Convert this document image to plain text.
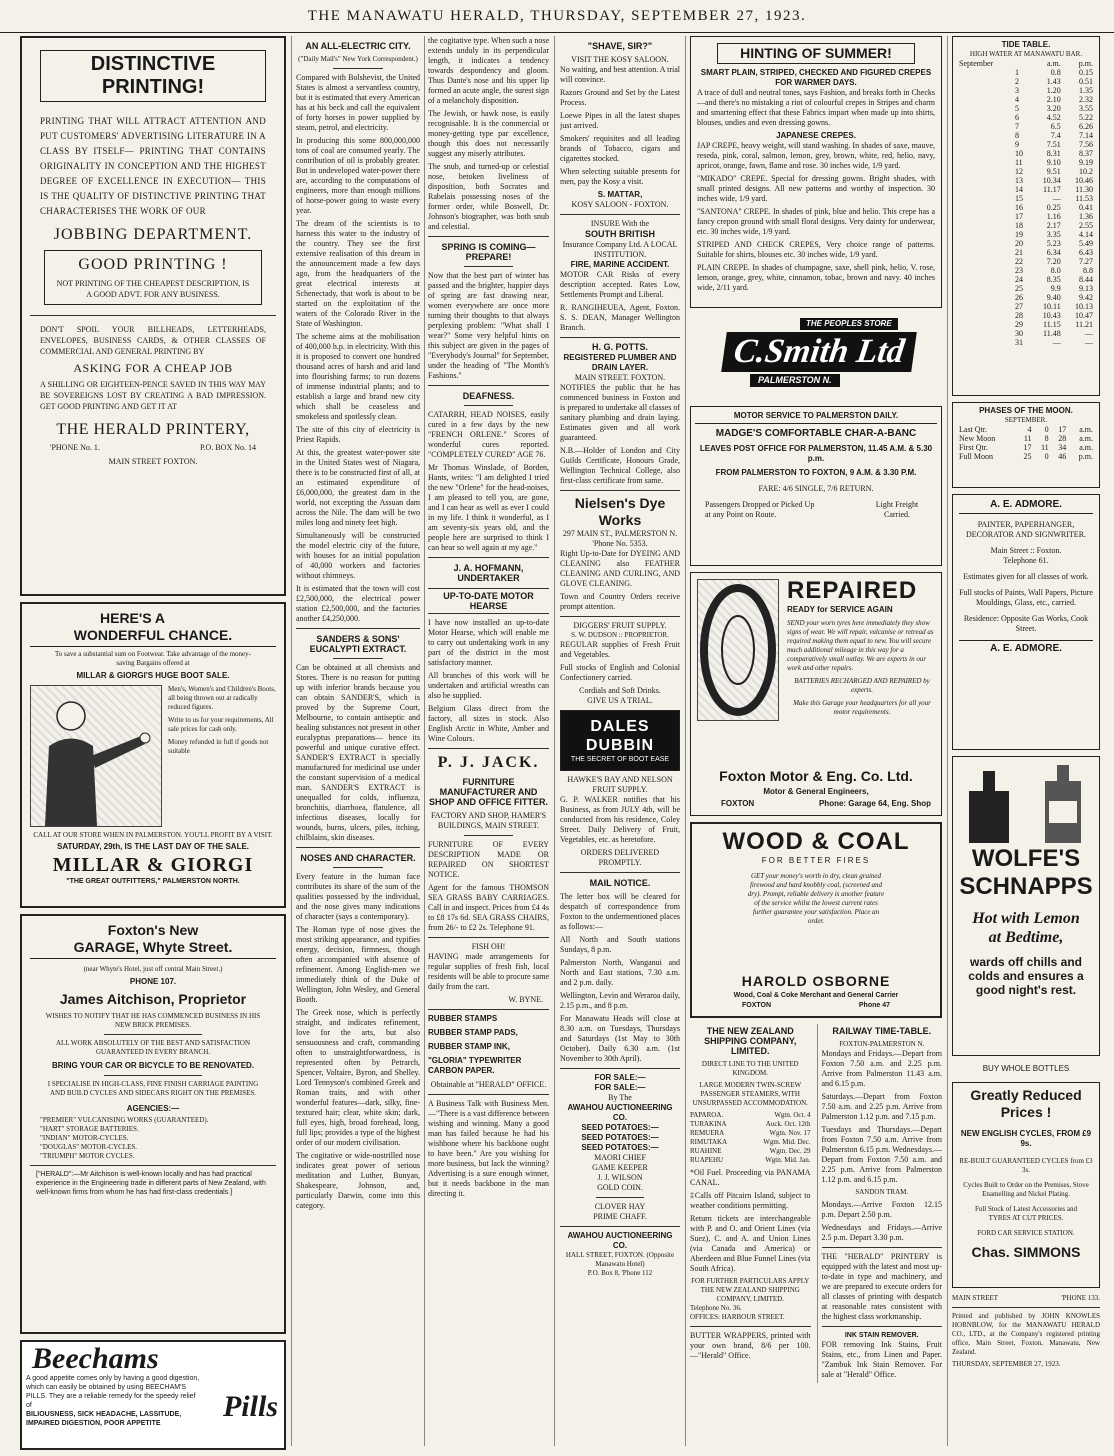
THE MANAWATU HERALD, THURSDAY, SEPTEMBER 27, 1923.
DISTINCTIVE PRINTING!
PRINTING THAT WILL ATTRACT ATTENTION AND PUT CUSTOMERS' ADVERTISING LITERATURE IN A CLASS BY ITSELF— PRINTING THAT CONTAINS ORIGINALITY IN CONCEPTION AND THE HIGHEST DEGREE OF EXCELLENCE IN EXECUTION— THIS IS THE QUALITY OF DISTINCTIVE PRINTING THAT CHARACTERISES THE WORK OF OUR
JOBBING DEPARTMENT.
GOOD PRINTING !
NOT PRINTING OF THE CHEAPEST DESCRIPTION, IS A GOOD ADVT. FOR ANY BUSINESS.
DON'T SPOIL YOUR BILLHEADS, LETTERHEADS, ENVELOPES, BUSINESS CARDS, & OTHER CLASSES OF COMMERCIAL AND GENERAL PRINTING BY
ASKING FOR A CHEAP JOB
A SHILLING OR EIGHTEEN-PENCE SAVED IN THIS WAY MAY BE SOVEREIGNS LOST BY CREATING A BAD IMPRESSION. GET GOOD PRINTING AND GET IT AT
THE HERALD PRINTERY,
'PHONE No. 1.	P.O. BOX No. 14
MAIN STREET FOXTON.
HERE'S A
WONDERFUL CHANCE.
To save a substantial sum on Footwear. Take advantage of the money-saving Bargains offered at
MILLAR & GIORGI'S HUGE BOOT SALE.
Men's, Women's and Children's Boots, all being thrown out at radically reduced figures.
Write to us for your requirements, All sale prices for cash only.
Money refunded in full if goods not suitable
CALL AT OUR STORE WHEN IN PALMERSTON. YOU'LL PROFIT BY A VISIT.
SATURDAY, 29th, IS THE LAST DAY OF THE SALE.
MILLAR & GIORGI
"THE GREAT OUTFITTERS," PALMERSTON NORTH.
Foxton's New
GARAGE, Whyte Street.
(near Whyte's Hotel, just off central Main Street.)
PHONE 107.
James Aitchison, Proprietor
WISHES TO NOTIFY THAT HE HAS COMMENCED BUSINESS IN HIS NEW BRICK PREMISES.
ALL WORK ABSOLUTELY OF THE BEST AND SATISFACTION GUARANTEED IN EVERY BRANCH.
BRING YOUR CAR OR BICYCLE TO BE RENOVATED.
I SPECIALISE IN HIGH-CLASS, FINE FINISH CARRIAGE PAINTING AND BUILD CYCLES AND SIDECARS RIGHT ON THE PREMISES.
AGENCIES:—
"PREMIER" VULCANISING WORKS (GUARANTEED).
"HART" STORAGE BATTERIES.
"INDIAN" MOTOR-CYCLES.
"DOUGLAS" MOTOR-CYCLES.
"TRIUMPH" MOTOR CYCLES.
["HERALD":—Mr Aitchison is well-known locally and has had practical experience in the Engineering trade in different parts of New Zealand, with well-known firms from whom he has had first-class credentials.]
Beechams
A good appetite comes only by having a good digestion, which can easily be obtained by using BEECHAM'S PILLS. They are a reliable remedy for the speedy relief of
BILIOUSNESS, SICK HEADACHE, LASSITUDE, IMPAIRED DIGESTION, POOR APPETITE
Pills
AN ALL-ELECTRIC CITY.
("Daily Mail's" New York Correspondent.)

Compared with Bolshevist, the United States is almost a servantless country, but it is estimated that every American has at his beck and call the equivalent of forty horses in power supplied by steam, petrol, and electricity.

In producing this some 800,000,000 tons of coal are consumed yearly. The contribution of oil is probably greater. But in undeveloped water-power there are, according to the computations of engineers, more than enough millions of horse-power going to waste every year.

The dream of the scientists is to harness this water to the industry of the country. They see the first extensive realisation of this dream in the announcement made a few days ago, from the headquarters of the great electrical interests at Schenectady, that work is about to be started on the exploitation of the waters of the Colorado River in the State of Washington.

The scheme aims at the mobilisation of 400,000 h.p. in electricity. With this it is proposed to convert one hundred thousand acres of harsh and arid land into flourishing farms; to run dozens of immense industrial plants; and to establish a large and brand new city which shall be ceaseless and smokeless and spotlessly clean.

The site of this city of electricity is Priest Rapids.

At this, the greatest water-power site in the United States west of Niagara, there is to be constructed first of all, at an estimated expenditure of £6,000,000, the greatest dam in the world, not excepting the Assuan dam across the Nile. The dam will be two miles long and ninety feet high.

Simultaneously will be constructed the model electric city of the future, with houses for an initial population of 40,000 workers and factories without chimneys.

It is estimated that the town will cost £2,500,000, the electrical power station £2,500,000, and the factories another £4,250,000.

SANDERS & SONS' EUCALYPTI EXTRACT.

Can be obtained at all chemists and Stores. There is no reason for putting up with inferior brands because you can obtain SANDER'S, which is proved by the Supreme Court, Melbourne, to contain antiseptic and healing substances not present in other eucalyptus preparations— hence its powerful and unique curative effect. SANDER'S EXTRACT is specially manufactured for medicinal use under the constant supervision of a medical man. SANDER'S EXTRACT is unequalled for colds, influenza, bronchitis, diarrhoea, flatulence, all infectious diseases, locally for wounds, burns, ulcers, piles, itching, chilblains, skin diseases.

NOSES AND CHARACTER.

Every feature in the human face contributes its share of the sum of the qualities possessed by the individual, and the nose gives many indications of character (says a contemporary).

The Roman type of nose gives the most striking appearance, and typifies energy, decision, firmness, though often accompanied with absence of refinement. Among English-men we immediately think of the Duke of Wellington, John Wesley, and General Booth.

The Greek nose, which is perfectly straight, and indicates refinement, love for the arts, but also sensuousness and craft, commanding often to unstraightforwardness, is represented often by Petrarch, Spencer, Voltaire, Byron, and Shelley. Lord Tennyson's combined Greek and Roman traits, and with other wonderful features—dark, silky, fine-textured hair; clear, white skin; dark, full eyes, high, broad forehead, long, full lips; provides a type of the highest order of our modern civilisation.

The cogitative or wide-nostrilled nose indicates great power of serious meditation and Luther, Bunyan, Shakespeare, Johnson, and, particularly Darwin, come into this category.

the cogitative type. When such a nose extends unduly in its perpendicular length, it indicates a tendency towards despondency and gloom. Thus Dante's nose and his upper lip formed an acute angle, the surest sign of a melancholy disposition.

The Jewish, or hawk nose, is easily recognisable. It is the commercial or money-getting type par excellence, though this does not necessarily suggest any miserly attributes.

The snub, and turned-up or celestial nose, betoken liveliness of disposition, both Socrates and Rabelais possessing noses of the former order, while Boswell, Dr. Johnson's biographer, was both snub and celestial.

SPRING IS COMING— PREPARE!

Now that the best part of winter has passed and the brighter, happier days of spring are fast drawing near, women everywhere are once more turning their thoughts to that always perplexing problem: "What shall I wear?" Some very helpful hints on this subject are given in the pages of "Everybody's Journal" for September, under the heading of "The Month's Fashions."

DEAFNESS.

CATARRH, HEAD NOISES, easily cured in a few days by the new "FRENCH ORLENE." Scores of wonderful cures reported. "COMPLETELY CURED" AGE 76.

Mr Thomas Winslade, of Borden, Hants, writes: "I am delighted I tried the new "Orlene" for the head-noises, I am pleased to tell you, are gone, and I can hear as well as ever I could in my life. I think it wonderful, as I am seventy-six years old, and the people here are surprised to think I can hear so well again at my age."

J. A. HOFMANN, UNDERTAKER
UP-TO-DATE MOTOR HEARSE

I have now installed an up-to-date Motor Hearse, which will enable me to carry out undertaking work in any part of the district in the most satisfactory manner.

All branches of this work will be undertaken and artificial wreaths can also be supplied.

Belgium Glass direct from the factory, all sizes in stock. Also English Arctic in White, Amber and Wine Colours.

P. J. JACK.
FURNITURE MANUFACTURER AND SHOP AND OFFICE FITTER.
FACTORY AND SHOP, HAMER'S BUILDINGS, MAIN STREET.

FURNITURE OF EVERY DESCRIPTION MADE OR REPAIRED ON SHORTEST NOTICE.

Agent for the famous THOMSON SEA GRASS BABY CARRIAGES. Call in and inspect. Prices from £4 4s to £8 17s 6d. SEA GRASS CHAIRS, from 26/- to £2 2s. Telephone 91.

FISH OH!

HAVING made arrangements for regular supplies of fresh fish, local residents will be able to procure same daily from the cart.

W. BYNE.
RUBBER STAMPS
RUBBER STAMP PADS,
RUBBER STAMP INK,
"GLORIA" TYPEWRITER CARBON PAPER.
Obtainable at "HERALD" OFFICE.

A Business Talk with Business Men.—"There is a vast difference between wishing and winning. Many a good man has failed because he had his wishbone where his backbone ought to have been." Are you wishing for more business, but lack the winning? Advertising is a sure enough winner, but it needs backbone in the man directing it.

"SHAVE, SIR?"
VISIT THE KOSY SALOON.

No waiting, and best attention. A trial will convince.

Razors Ground and Set by the Latest Process.

Loewe Pipes in all the latest shapes just arrived.

Smokers' requisites and all leading brands of Tobacco, cigars and cigarettes stocked.

When selecting suitable presents for men, pay the Kosy a visit.

S. MATTAR,
KOSY SALOON - FOXTON.
INSURE With the
SOUTH BRITISH
Insurance Company Ltd. A LOCAL INSTITUTION.
FIRE, MARINE ACCIDENT.

MOTOR CAR Risks of every description accepted. Rates Low, Settlements Prompt and Liberal.

R. RANGIHEUEA, Agent, Foxton. S. S. DEAN, Manager Wellington Branch.

H. G. POTTS.
REGISTERED PLUMBER AND DRAIN LAYER.
MAIN STREET. FOXTON.

NOTIFIES the public that he has commenced business in Foxton and is prepared to undertake all classes of sanitary plumbing and drain laying. Estimates given and all work guaranteed.

N.B.—Holder of London and City Guilds Certificate, Honours Grade, Wellington Technical College, also first-class certificate from same.

Nielsen's Dye Works
297 MAIN ST., PALMERSTON N. 'Phone No. 5353.

Right Up-to-Date for DYEING AND CLEANING also FEATHER CLEANING AND CURLING, AND GLOVE CLEANING.

Town and Country Orders receive prompt attention.

DIGGERS' FRUIT SUPPLY.
S. W. DUDSON :: PROPRIETOR.

REGULAR supplies of Fresh Fruit and Vegetables.

Full stocks of English and Colonial Confectionery carried.

Cordials and Soft Drinks.
GIVE US A TRIAL.
DALES DUBBIN
THE SECRET OF BOOT EASE
HAWKE'S BAY AND NELSON FRUIT SUPPLY.

G. P. WALKER notifies that his Business, as from JULY 4th, will be conducted from his residence, Coley Street. Daily Delivery of Fruit, Vegetables, etc. as heretofore.

ORDERS DELIVERED PROMPTLY.
MAIL NOTICE.

The letter box will be cleared for despatch of correspondence from Foxton to the undermentioned places as follows:—

All North and South stations Sundays, 8 p.m.

Palmerston North, Wanganui and North and East stations, 7.30 a.m. and 2 p.m. daily.

Wellington, Levin and Weraroa daily, 2.15 p.m., and 8 p.m.

For Manawatu Heads will close at 8.30 a.m. on Tuesdays, Thursdays and Saturdays (1st May to 30th October). Daily 6.30 a.m. (1st November to 30th April).

FOR SALE:—
FOR SALE:—
By The
AWAHOU AUCTIONEERING CO.
SEED POTATOES:—
SEED POTATOES:—
SEED POTATOES:—
MAORI CHIEF
GAME KEEPER
J. J. WILSON
GOLD COIN.
CLOVER HAY
PRIME CHAFF.
AWAHOU AUCTIONEERING CO.
HALL STREET, FOXTON. (Opposite Manawatu Hotel)
P.O. Box 8, 'Phone 112
HINTING OF SUMMER!
SMART PLAIN, STRIPED, CHECKED AND FIGURED CREPES FOR WARMER DAYS.

A trace of dull and neutral tones, says Fashion, and breaks forth in Checks—and there's no mistaking a riot of colourful crepes in Stripes and charm and smartening effect that these Fabrics impart when made up into shirts, blouses, undies and even dressing gowns.

JAPANESE CREPES.

JAP CREPE, heavy weight, will stand washing. In shades of saxe, mauve, reseda, pink, coral, salmon, lemon, grey, brown, white, red, helio, navy, apricot, orange, fawn, flame and rose. 30 inches wide, 1/9 yard.

"MIKADO" CREPE. Special for dressing gowns. Bright shades, with small printed designs. All new patterns and worthy of inspection. 30 inches wide, 1/9 yard.

"SANTONA" CREPE. In shades of pink, blue and helio. This crepe has a fancy crepon ground with small floral designs. Very dainty for underwear, etc. 30 inches wide, 1/9 yard.

STRIPED AND CHECK CREPES, Very choice range of patterns. Suitable for shirts, blouses etc. 30 inches wide, 1/9 yard.

PLAIN CREPE. In shades of champagne, saxe, shell pink, helio, V. rose, lemon, orange, grey, white, cinnamon, tobac, brown and navy. 40 inches wide, 2/11 yard.

THE PEOPLES STORE
C.Smith Ltd
PALMERSTON N.
MOTOR SERVICE TO PALMERSTON DAILY.
MADGE'S COMFORTABLE CHAR-A-BANC
LEAVES POST OFFICE FOR PALMERSTON, 11.45 A.M. & 5.30 p.m.
FROM PALMERSTON TO FOXTON, 9 A.M. & 3.30 P.M.
FARE: 4/6 SINGLE, 7/6 RETURN.
Passengers Dropped or Picked Up at any Point on Route.
Light Freight Carried.
REPAIRED
READY for SERVICE AGAIN
SEND your worn tyres here immediately they show signs of wear. We will repair, vulcanise or retread as required making them equal to new. You will secure much additional mileage in this way for a comparatively small outlay. We are experts in our work and other repairs.
BATTERIES RECHARGED AND REPAIRED by experts.
Make this Garage your headquarters for all your motor requirements.
Foxton Motor & Eng. Co. Ltd.
Motor & General Engineers,
FOXTON	Phone: Garage 64, Eng. Shop
WOOD & COAL
FOR BETTER FIRES
GET your money's worth in dry, clean grained firewood and hard knobbly coal, (screened and dry). Prompt, reliable delivery is another feature of the service whilst the lowest current rates further guarantee your satisfaction. Place an order.
HAROLD OSBORNE
Wood, Coal & Coke Merchant and General Carrier
FOXTON	Phone 47
THE NEW ZEALAND SHIPPING COMPANY, LIMITED.
DIRECT LINE TO THE UNITED KINGDOM.
LARGE MODERN TWIN-SCREW PASSENGER STEAMERS, WITH UNSURPASSED ACCOMMODATION.
PAPAROA.	Wgtn. Oct. 4
TURAKINA	Auck. Oct. 12th
REMUERA	Wgtn. Nov. 17
RIMUTAKA	Wgtn. Mid. Dec.
RUAHINE	Wgtn. Dec. 29
RUAPEHU	Wgtn. Mid. Jan.

*Oil Fuel. Proceeding via PANAMA CANAL.

‡Calls off Pitcairn Island, subject to weather conditions permitting.

Return tickets are interchangeable with P. and O. and Orient Lines (via Suez), C. and A. and Union Lines (via Canada and America) or Aberdeen and Blue Funnel Lines (via South Africa).

FOR FURTHER PARTICULARS APPLY THE NEW ZEALAND SHIPPING COMPANY, LIMITED.
Telephone No. 36.
OFFICES: HARBOUR STREET.

BUTTER WRAPPERS, printed with your own brand, 8/6 per 100. —"Herald" Office.

RAILWAY TIME-TABLE.
FOXTON-PALMERSTON N.

Mondays and Fridays.—Depart from Foxton 7.50 a.m. and 2.25 p.m. Arrive from Palmerston 11.43 a.m. and 6.15 p.m.

Saturdays.—Depart from Foxton 7.50 a.m. and 2.25 p.m. Arrive from Palmerston 1.12 p.m. and 7.15 p.m.

Tuesdays and Thursdays.—Depart from Foxton 7.50 a.m. Arrive from Palmerston 6.15 p.m. Wednesdays.—Depart from Foxton 7.50 a.m. and 2.25 p.m. Arrive from Palmerston 1.12 p.m. and 6.15 p.m.

SANDON TRAM.

Mondays.—Arrive Foxton 12.15 p.m. Depart 2.50 p.m.

Wednesdays and Fridays.—Arrive 2.5 p.m. Depart 3.30 p.m.

THE "HERALD" PRINTERY is equipped with the latest and most up-to-date in type and machinery, and we are prepared to execute orders for all classes of printing with despatch at reasonable rates consistent with the highest class workmanship.

INK STAIN REMOVER.

FOR removing Ink Stains, Fruit Stains, etc., from Linen and Paper. "Zambuk Ink Stain Remover. For sale at "Herald" Office.

TIDE TABLE.
HIGH WATER AT MANAWATU BAR.
September		a.m.	p.m.
	1	0.8	0.15
	2	1.43	0.51
	3	1.20	1.35
	4	2.10	2.32
	5	3.20	3.55
	6	4.52	5.22
	7	6.5	6.26
	8	7.4	7.14
	9	7.51	7.56
	10	8.31	8.37
	11	9.10	9.19
	12	9.51	10.2
	13	10.34	10.46
	14	11.17	11.30
	15	—	11.53
	16	0.25	0.41
	17	1.16	1.36
	18	2.17	2.55
	19	3.35	4.14
	20	5.23	5.49
	21	6.34	6.43
	22	7.20	7.27
	23	8.0	8.8
	24	8.35	8.44
	25	9.9	9.13
	26	9.40	9.42
	27	10.11	10.13
	28	10.43	10.47
	29	11.15	11.21
	30	11.48	—
	31	—	—
PHASES OF THE MOON.
SEPTEMBER.
Last Qtr.	4	0	17	a.m.
New Moon	11	8	28	a.m.
First Qtr.	17	11	34	a.m.
Full Moon	25	0	46	p.m.
A. E. ADMORE.
PAINTER, PAPERHANGER, DECORATOR AND SIGNWRITER.
Main Street :: Foxton.
Telephone 61.
Estimates given for all classes of work.
Full stocks of Paints, Wall Papers, Picture Mouldings, Glass, etc., carried.
Residence: Opposite Gas Works, Cook Street.
A. E. ADMORE.
WOLFE'S
SCHNAPPS
Hot with Lemon
at Bedtime,
wards off chills and colds and ensures a good night's rest.
BUY WHOLE BOTTLES
Greatly Reduced Prices !
NEW ENGLISH CYCLES, FROM £9 9s.
RE-BUILT GUARANTEED CYCLES from £3 3s.
Cycles Built to Order on the Premises, Stove Enamelling and Nickel Plating.
Full Stock of Latest Accessories and
TYRES AT CUT PRICES.
FORD CAR SERVICE STATION.
Chas. SIMMONS
MAIN STREET	'PHONE 133.
Printed and published by JOHN KNOWLES HORNBLOW, for the MANAWATU HERALD CO., LTD., at the Company's registered printing office, Main Street, Foxton, Manawatu, New Zealand.
THURSDAY, SEPTEMBER 27, 1923.
